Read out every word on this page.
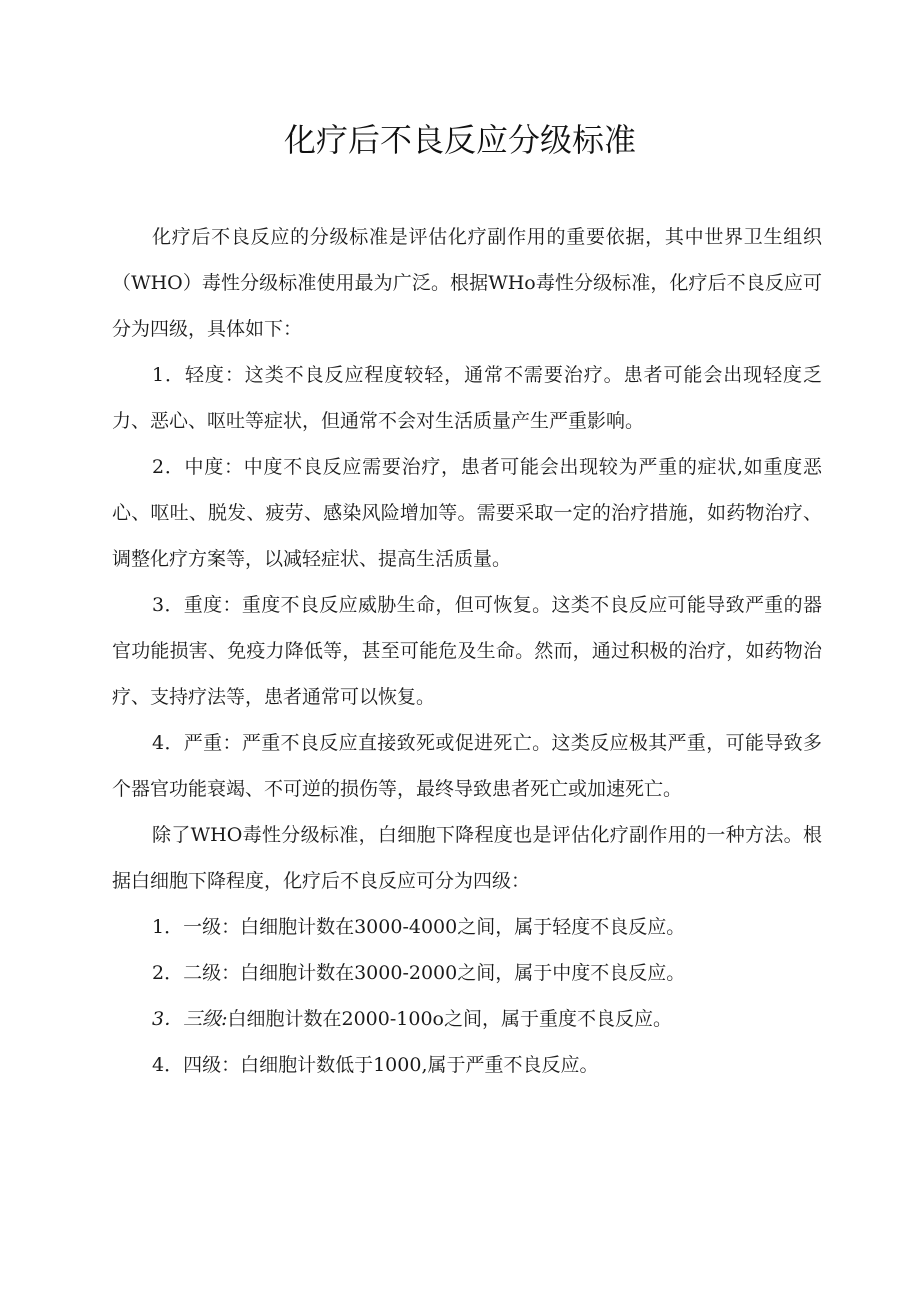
化疗后不良反应分级标准

化疗后不良反应的分级标准是评估化疗副作用的重要依据，其中世界卫生组织（WHO）毒性分级标准使用最为广泛。根据WHo毒性分级标准，化疗后不良反应可分为四级，具体如下：

1．轻度：这类不良反应程度较轻，通常不需要治疗。患者可能会出现轻度乏力、恶心、呕吐等症状，但通常不会对生活质量产生严重影响。

2．中度：中度不良反应需要治疗，患者可能会出现较为严重的症状,如重度恶心、呕吐、脱发、疲劳、感染风险增加等。需要采取一定的治疗措施，如药物治疗、调整化疗方案等，以减轻症状、提高生活质量。

3．重度：重度不良反应威胁生命，但可恢复。这类不良反应可能导致严重的器官功能损害、免疫力降低等，甚至可能危及生命。然而，通过积极的治疗，如药物治疗、支持疗法等，患者通常可以恢复。

4．严重：严重不良反应直接致死或促进死亡。这类反应极其严重，可能导致多个器官功能衰竭、不可逆的损伤等，最终导致患者死亡或加速死亡。

除了WHO毒性分级标准，白细胞下降程度也是评估化疗副作用的一种方法。根据白细胞下降程度，化疗后不良反应可分为四级：

1．一级：白细胞计数在3000-4000之间，属于轻度不良反应。

2．二级：白细胞计数在3000-2000之间，属于中度不良反应。

3．三级:白细胞计数在2000-100o之间，属于重度不良反应。

4．四级：白细胞计数低于1000,属于严重不良反应。
